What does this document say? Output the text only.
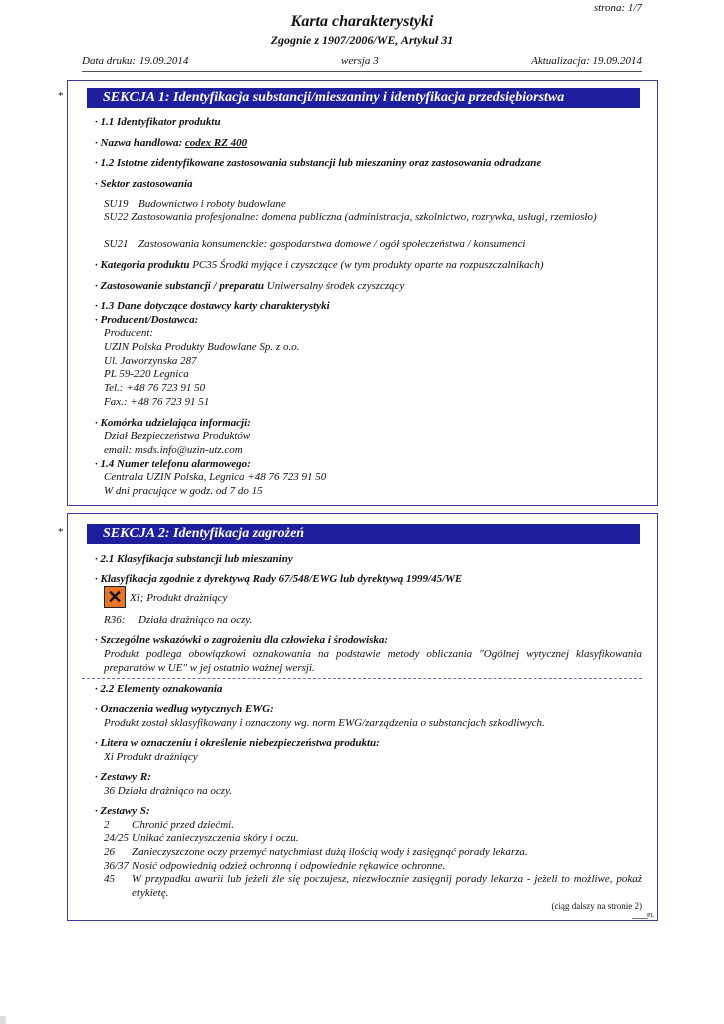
strona: 1/7
Karta charakterystyki
Zgognie z 1907/2006/WE, Artykuł 31
Data druku: 19.09.2014	wersja 3	Aktualizacja: 19.09.2014
*	SEKCJA 1: Identyfikacja substancji/mieszaniny i identyfikacja przedsiębiorstwa
· 1.1 Identyfikator produktu
· Nazwa handlowa: codex RZ 400
· 1.2 Istotne zidentyfikowane zastosowania substancji lub mieszaniny oraz zastosowania odradzane
· Sektor zastosowania
SU19 Budownictwo i roboty budowlane
SU22 Zastosowania profesjonalne: domena publiczna (administracja, szkolnictwo, rozrywka, usługi, rzemiosło)
SU21 Zastosowania konsumenckie: gospodarstwa domowe / ogół społeczeństwa / konsumenci
· Kategoria produktu PC35 Środki myjące i czyszczące (w tym produkty oparte na rozpuszczalnikach)
· Zastosowanie substancji / preparatu Uniwersalny środek czyszczący
· 1.3 Dane dotyczące dostawcy karty charakterystyki
· Producent/Dostawca:
Producent:
UZIN Polska Produkty Budowlane Sp. z o.o.
Ul. Jaworzynska 287
PL 59-220 Legnica
Tel.: +48 76 723 91 50
Fax.: +48 76 723 91 51
· Komórka udzielająca informacji:
Dział Bezpieczeństwa Produktów
email: msds.info@uzin-utz.com
· 1.4 Numer telefonu alarmowego:
Centrala UZIN Polska, Legnica +48 76 723 91 50
W dni pracujące w godz. od 7 do 15
*	SEKCJA 2: Identyfikacja zagrożeń
· 2.1 Klasyfikacja substancji lub mieszaniny
· Klasyfikacja zgodnie z dyrektywą Rady 67/548/EWG lub dyrektywą 1999/45/WE
✕ Xi; Produkt drażniący
R36: Działa drażniąco na oczy.
· Szczególne wskazówki o zagrożeniu dla człowieka i środowiska:
Produkt podlega obowiązkowi oznakowania na podstawie metody obliczania "Ogólnej wytycznej klasyfikowania preparatów w UE" w jej ostatnio ważnej wersji.
· 2.2 Elementy oznakowania
· Oznaczenia według wytycznych EWG:
Produkt został sklasyfikowany i oznaczony wg. norm EWG/zarządzenia o substancjach szkodliwych.
· Litera w oznaczeniu i określenie niebezpieczeństwa produktu:
Xi Produkt drażniący
· Zestawy R:
36 Działa drażniąco na oczy.
· Zestawy S:
2 Chronić przed dziećmi.
24/25 Unikać zanieczyszczenia skóry i oczu.
26 Zanieczyszczone oczy przemyć natychmiast dużą ilością wody i zasięgnąć porady lekarza.
36/37 Nosić odpowiednią odzież ochronną i odpowiednie rękawice ochronne.
45	W przypadku awarii lub jeżeli źle się poczujesz, niezwłocznie zasięgnij porady lekarza - jeżeli to możliwe, pokaż etykietę.
(ciąg dalszy na stronie 2)
PL
